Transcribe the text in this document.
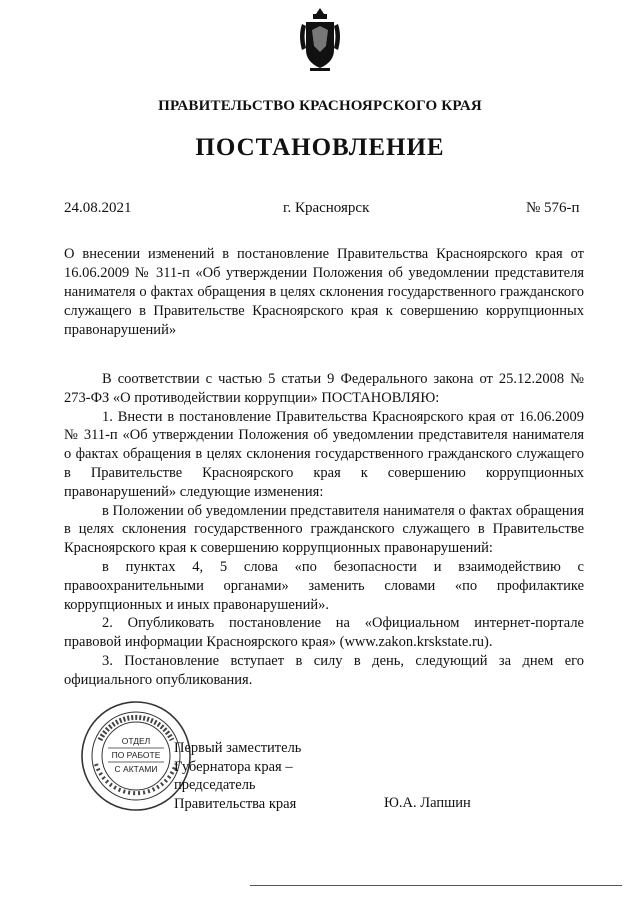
ПРАВИТЕЛЬСТВО КРАСНОЯРСКОГО КРАЯ
ПОСТАНОВЛЕНИЕ
24.08.2021	г. Красноярск	№ 576-п

О внесении изменений в постановление Правительства Красноярского края от 16.06.2009 № 311-п «Об утверждении Положения об уведомлении представителя нанимателя о фактах обращения в целях склонения государственного гражданского служащего в Правительстве Красноярского края к совершению коррупционных правонарушений»

В соответствии с частью 5 статьи 9 Федерального закона от 25.12.2008 № 273-ФЗ «О противодействии коррупции» ПОСТАНОВЛЯЮ:

1. Внести в постановление Правительства Красноярского края от 16.06.2009 № 311-п «Об утверждении Положения об уведомлении представителя нанимателя о фактах обращения в целях склонения государственного гражданского служащего в Правительстве Красноярского края к совершению коррупционных правонарушений» следующие изменения:

в Положении об уведомлении представителя нанимателя о фактах обращения в целях склонения государственного гражданского служащего в Правительстве Красноярского края к совершению коррупционных правонарушений:

в пунктах 4, 5 слова «по безопасности и взаимодействию с правоохранительными органами» заменить словами «по профилактике коррупционных и иных правонарушений».

2. Опубликовать постановление на «Официальном интернет-портале правовой информации Красноярского края» (www.zakon.krskstate.ru).

3. Постановление вступает в силу в день, следующий за днем его официального опубликования.

ОТДЕЛ
ПО РАБОТЕ
С АКТАМИ
Первый заместитель
Губернатора края –
председатель
Правительства края	Ю.А. Лапшин
